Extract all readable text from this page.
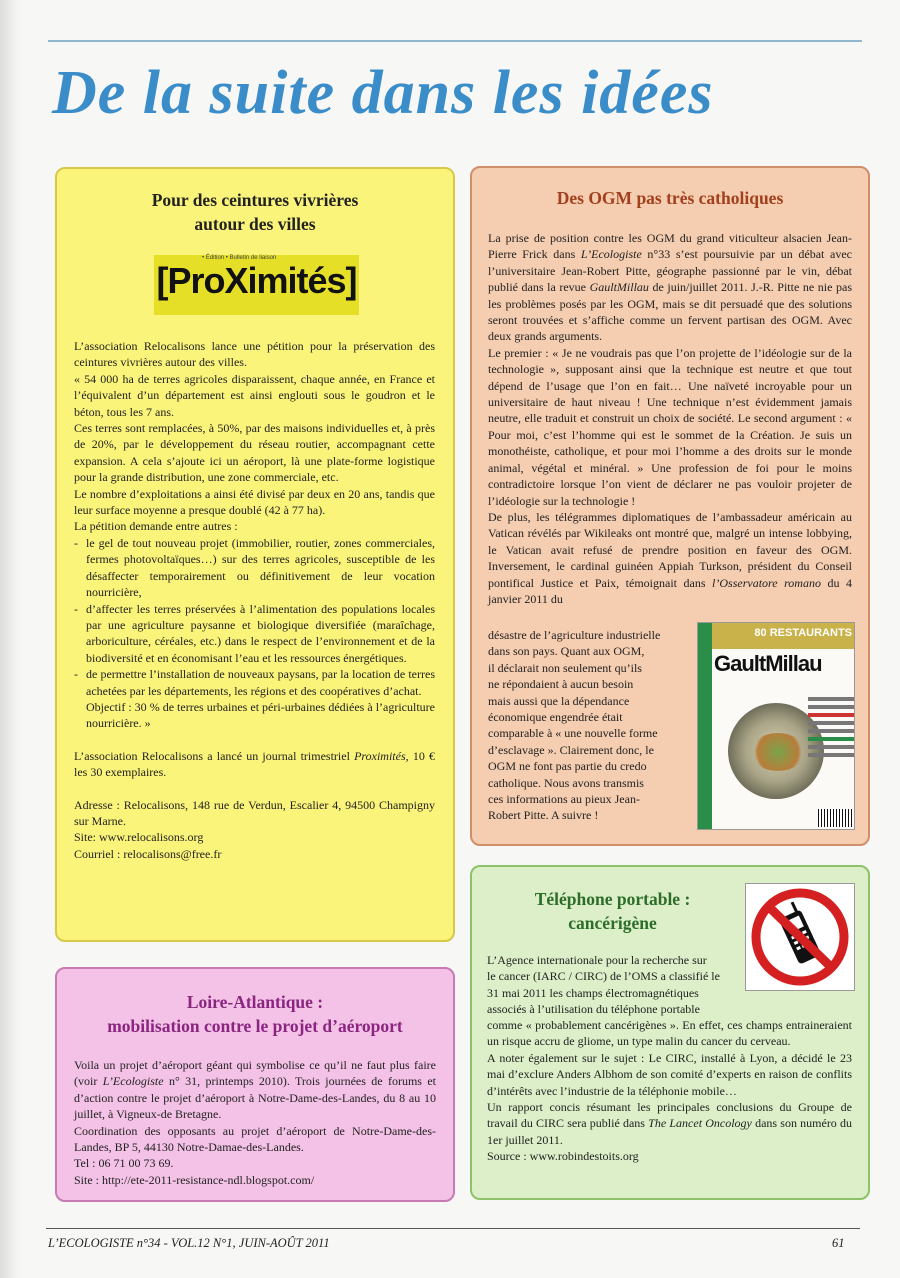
De la suite dans les idées
Pour des ceintures vivrières
autour des villes
• Édition • Bulletin de liaison
[ProXimités]

L’association Relocalisons lance une pétition pour la préservation des ceintures vivrières autour des villes.

« 54 000 ha de terres agricoles disparaissent, chaque année, en France et l’équivalent d’un département est ainsi englouti sous le goudron et le béton, tous les 7 ans.

Ces terres sont remplacées, à 50%, par des maisons individuelles et, à près de 20%, par le développement du réseau routier, accompagnant cette expansion. A cela s’ajoute ici un aéroport, là une plate-forme logistique pour la grande distribution, une zone commerciale, etc.

Le nombre d’exploitations a ainsi été divisé par deux en 20 ans, tandis que leur surface moyenne a presque doublé (42 à 77 ha).

La pétition demande entre autres :

- le gel de tout nouveau projet (immobilier, routier, zones commerciales, fermes photovoltaïques…) sur des terres agricoles, susceptible de les désaffecter temporairement ou définitivement de leur vocation nourricière,
- d’affecter les terres préservées à l’alimentation des populations locales par une agriculture paysanne et biologique diversifiée (maraîchage, arboriculture, céréales, etc.) dans le respect de l’environnement et de la biodiversité et en économisant l’eau et les ressources énergétiques.
- de permettre l’installation de nouveaux paysans, par la location de terres achetées par les départements, les régions et des coopératives d’achat.

Objectif : 30 % de terres urbaines et péri-urbaines dédiées à l’agriculture nourricière. »

L’association Relocalisons a lancé un journal trimestriel Proximités, 10 € les 30 exemplaires.

Adresse : Relocalisons, 148 rue de Verdun, Escalier 4, 94500 Champigny sur Marne.

Site: www.relocalisons.org

Courriel : relocalisons@free.fr

Des OGM pas très catholiques

La prise de position contre les OGM du grand viticulteur alsacien Jean-Pierre Frick dans L’Ecologiste n°33 s’est poursuivie par un débat avec l’universitaire Jean-Robert Pitte, géographe passionné par le vin, débat publié dans la revue GaultMillau de juin/juillet 2011. J.-R. Pitte ne nie pas les problèmes posés par les OGM, mais se dit persuadé que des solutions seront trouvées et s’affiche comme un fervent partisan des OGM. Avec deux grands arguments.

Le premier : « Je ne voudrais pas que l’on projette de l’idéologie sur de la technologie », supposant ainsi que la technique est neutre et que tout dépend de l’usage que l’on en fait… Une naïveté incroyable pour un universitaire de haut niveau ! Une technique n’est évidemment jamais neutre, elle traduit et construit un choix de société. Le second argument : « Pour moi, c’est l’homme qui est le sommet de la Création. Je suis un monothéiste, catholique, et pour moi l’homme a des droits sur le monde animal, végétal et minéral. » Une profession de foi pour le moins contradictoire lorsque l’on vient de déclarer ne pas vouloir projeter de l’idéologie sur la technologie !

De plus, les télégrammes diplomatiques de l’ambassadeur américain au Vatican révélés par Wikileaks ont montré que, malgré un intense lobbying, le Vatican avait refusé de prendre position en faveur des OGM. Inversement, le cardinal guinéen Appiah Turkson, président du Conseil pontifical Justice et Paix, témoignait dans l’Osservatore romano du 4 janvier 2011 du

désastre de l’agriculture industrielle
dans son pays. Quant aux OGM,
il déclarait non seulement qu’ils
ne répondaient à aucun besoin
mais aussi que la dépendance
économique engendrée était
comparable à « une nouvelle forme
d’esclavage ». Clairement donc, le
OGM ne font pas partie du credo
catholique. Nous avons transmis
ces informations au pieux Jean-
Robert Pitte. A suivre !
80 RESTAURANTS
GaultMillau
Téléphone portable :
cancérigène
L’Agence internationale pour la recherche sur
le cancer (IARC / CIRC) de l’OMS a classifié le
31 mai 2011 les champs électromagnétiques
associés à l’utilisation du téléphone portable

comme « probablement cancérigènes ». En effet, ces champs entraineraient un risque accru de gliome, un type malin du cancer du cerveau.

A noter également sur le sujet : Le CIRC, installé à Lyon, a décidé le 23 mai d’exclure Anders Albhom de son comité d’experts en raison de conflits d’intérêts avec l’industrie de la téléphonie mobile…

Un rapport concis résumant les principales conclusions du Groupe de travail du CIRC sera publié dans The Lancet Oncology dans son numéro du 1er juillet 2011.

Source : www.robindestoits.org

Loire-Atlantique :
mobilisation contre le projet d’aéroport

Voila un projet d’aéroport géant qui symbolise ce qu’il ne faut plus faire (voir L’Ecologiste n° 31, printemps 2010). Trois journées de forums et d’action contre le projet d’aéroport à Notre-Dame-des-Landes, du 8 au 10 juillet, à Vigneux-de Bretagne.

Coordination des opposants au projet d’aéroport de Notre-Dame-des-Landes, BP 5, 44130 Notre-Damae-des-Landes.

Tel : 06 71 00 73 69.

Site : http://ete-2011-resistance-ndl.blogspot.com/

L’ECOLOGISTE n°34 - VOL.12 N°1, JUIN-AOÛT 2011	61
